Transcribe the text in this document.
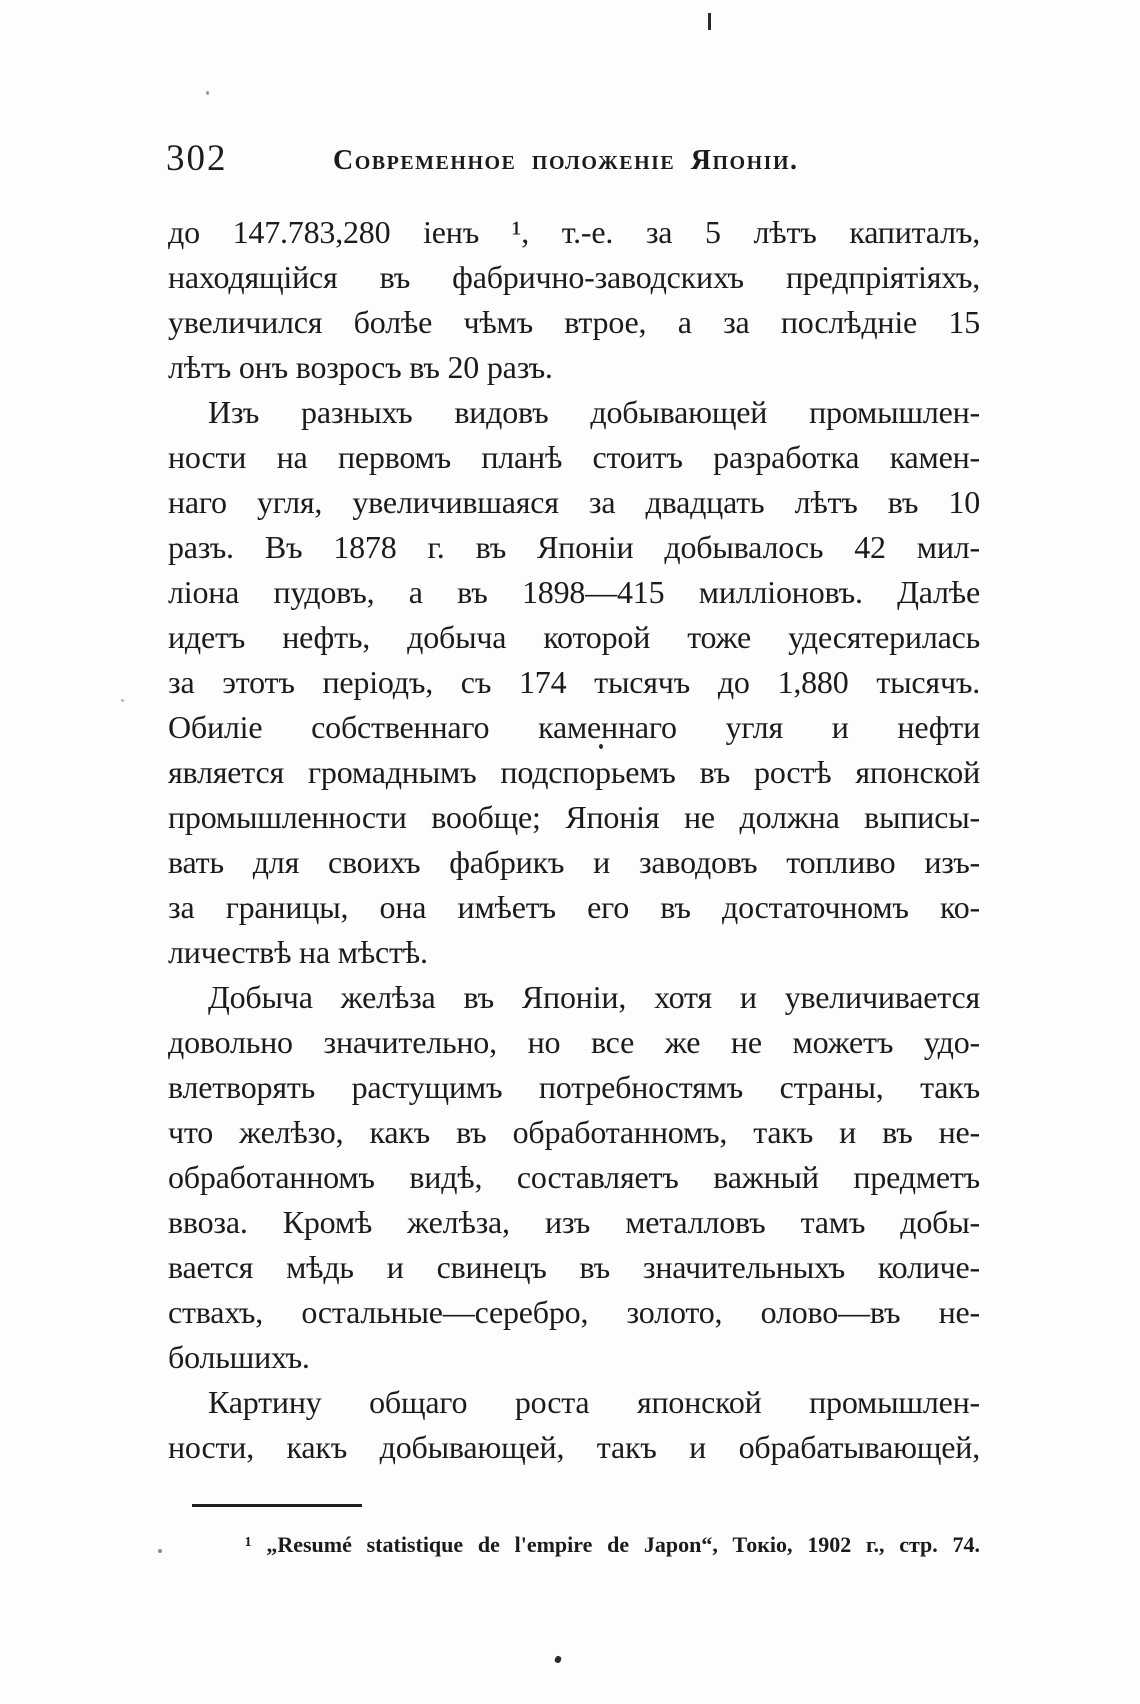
302	Современное положеніе Японіи.
до 147.783,280 іенъ ¹, т.-е. за 5 лѣтъ капиталъ,
находящійся въ фабрично-заводскихъ предпріятіяхъ,
увеличился болѣе чѣмъ втрое, а за послѣдніе 15
лѣтъ онъ возросъ въ 20 разъ.
Изъ разныхъ видовъ добывающей промышлен-
ности на первомъ планѣ стоитъ разработка камен-
наго угля, увеличившаяся за двадцать лѣтъ въ 10
разъ. Въ 1878 г. въ Японіи добывалось 42 мил-
ліона пудовъ, а въ 1898—415 милліоновъ. Далѣе
идетъ нефть, добыча которой тоже удесятерилась
за этотъ періодъ, съ 174 тысячъ до 1,880 тысячъ.
Обиліе собственнаго каменнаго угля и нефти
является громаднымъ подспорьемъ въ ростѣ японской
промышленности вообще; Японія не должна выписы-
вать для своихъ фабрикъ и заводовъ топливо изъ-
за границы, она имѣетъ его въ достаточномъ ко-
личествѣ на мѣстѣ.
Добыча желѣза въ Японіи, хотя и увеличивается
довольно значительно, но все же не можетъ удо-
влетворять растущимъ потребностямъ страны, такъ
что желѣзо, какъ въ обработанномъ, такъ и въ не-
обработанномъ видѣ, составляетъ важный предметъ
ввоза. Кромѣ желѣза, изъ металловъ тамъ добы-
вается мѣдь и свинецъ въ значительныхъ количе-
ствахъ, остальные—серебро, золото, олово—въ не-
большихъ.
Картину общаго роста японской промышлен-
ности, какъ добывающей, такъ и обрабатывающей,
¹ „Resumé statistique de l'empire de Japon“, Токіо, 1902 г., стр. 74.
